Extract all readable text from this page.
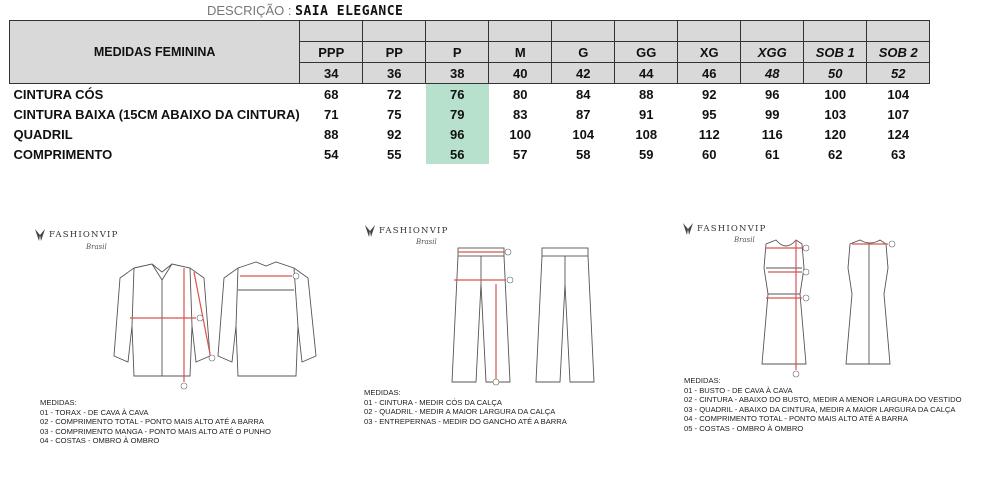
DESCRIÇÃO : SAIA ELEGANCE
MEDIDAS FEMININA										
	PPP	PP	P	M	G	GG	XG	XGG	SOB 1	SOB 2
	34	36	38	40	42	44	46	48	50	52
CINTURA CÓS	68	72	76	80	84	88	92	96	100	104
CINTURA BAIXA (15CM ABAIXO DA CINTURA)	71	75	79	83	87	91	95	99	103	107
QUADRIL	88	92	96	100	104	108	112	116	120	124
COMPRIMENTO	54	55	56	57	58	59	60	61	62	63
FASHIONVIP
Brasil
MEDIDAS:
01 - TORAX - DE CAVA À CAVA
02 - COMPRIMENTO TOTAL - PONTO MAIS ALTO ATÉ A BARRA
03 - COMPRIMENTO MANGA - PONTO MAIS ALTO ATÉ O PUNHO
04 - COSTAS - OMBRO À OMBRO
FASHIONVIP
Brasil
MEDIDAS:
01 - CINTURA - MEDIR CÓS DA CALÇA
02 - QUADRIL - MEDIR A MAIOR LARGURA DA CALÇA
03 - ENTREPERNAS - MEDIR DO GANCHO ATÉ A BARRA
FASHIONVIP
Brasil
MEDIDAS:
01 - BUSTO - DE CAVA À CAVA
02 - CINTURA - ABAIXO DO BUSTO, MEDIR A MENOR LARGURA DO VESTIDO
03 - QUADRIL - ABAIXO DA CINTURA, MEDIR A MAIOR LARGURA DA CALÇA
04 - COMPRIMENTO TOTAL - PONTO MAIS ALTO ATÉ A BARRA
05 - COSTAS - OMBRO À OMBRO
